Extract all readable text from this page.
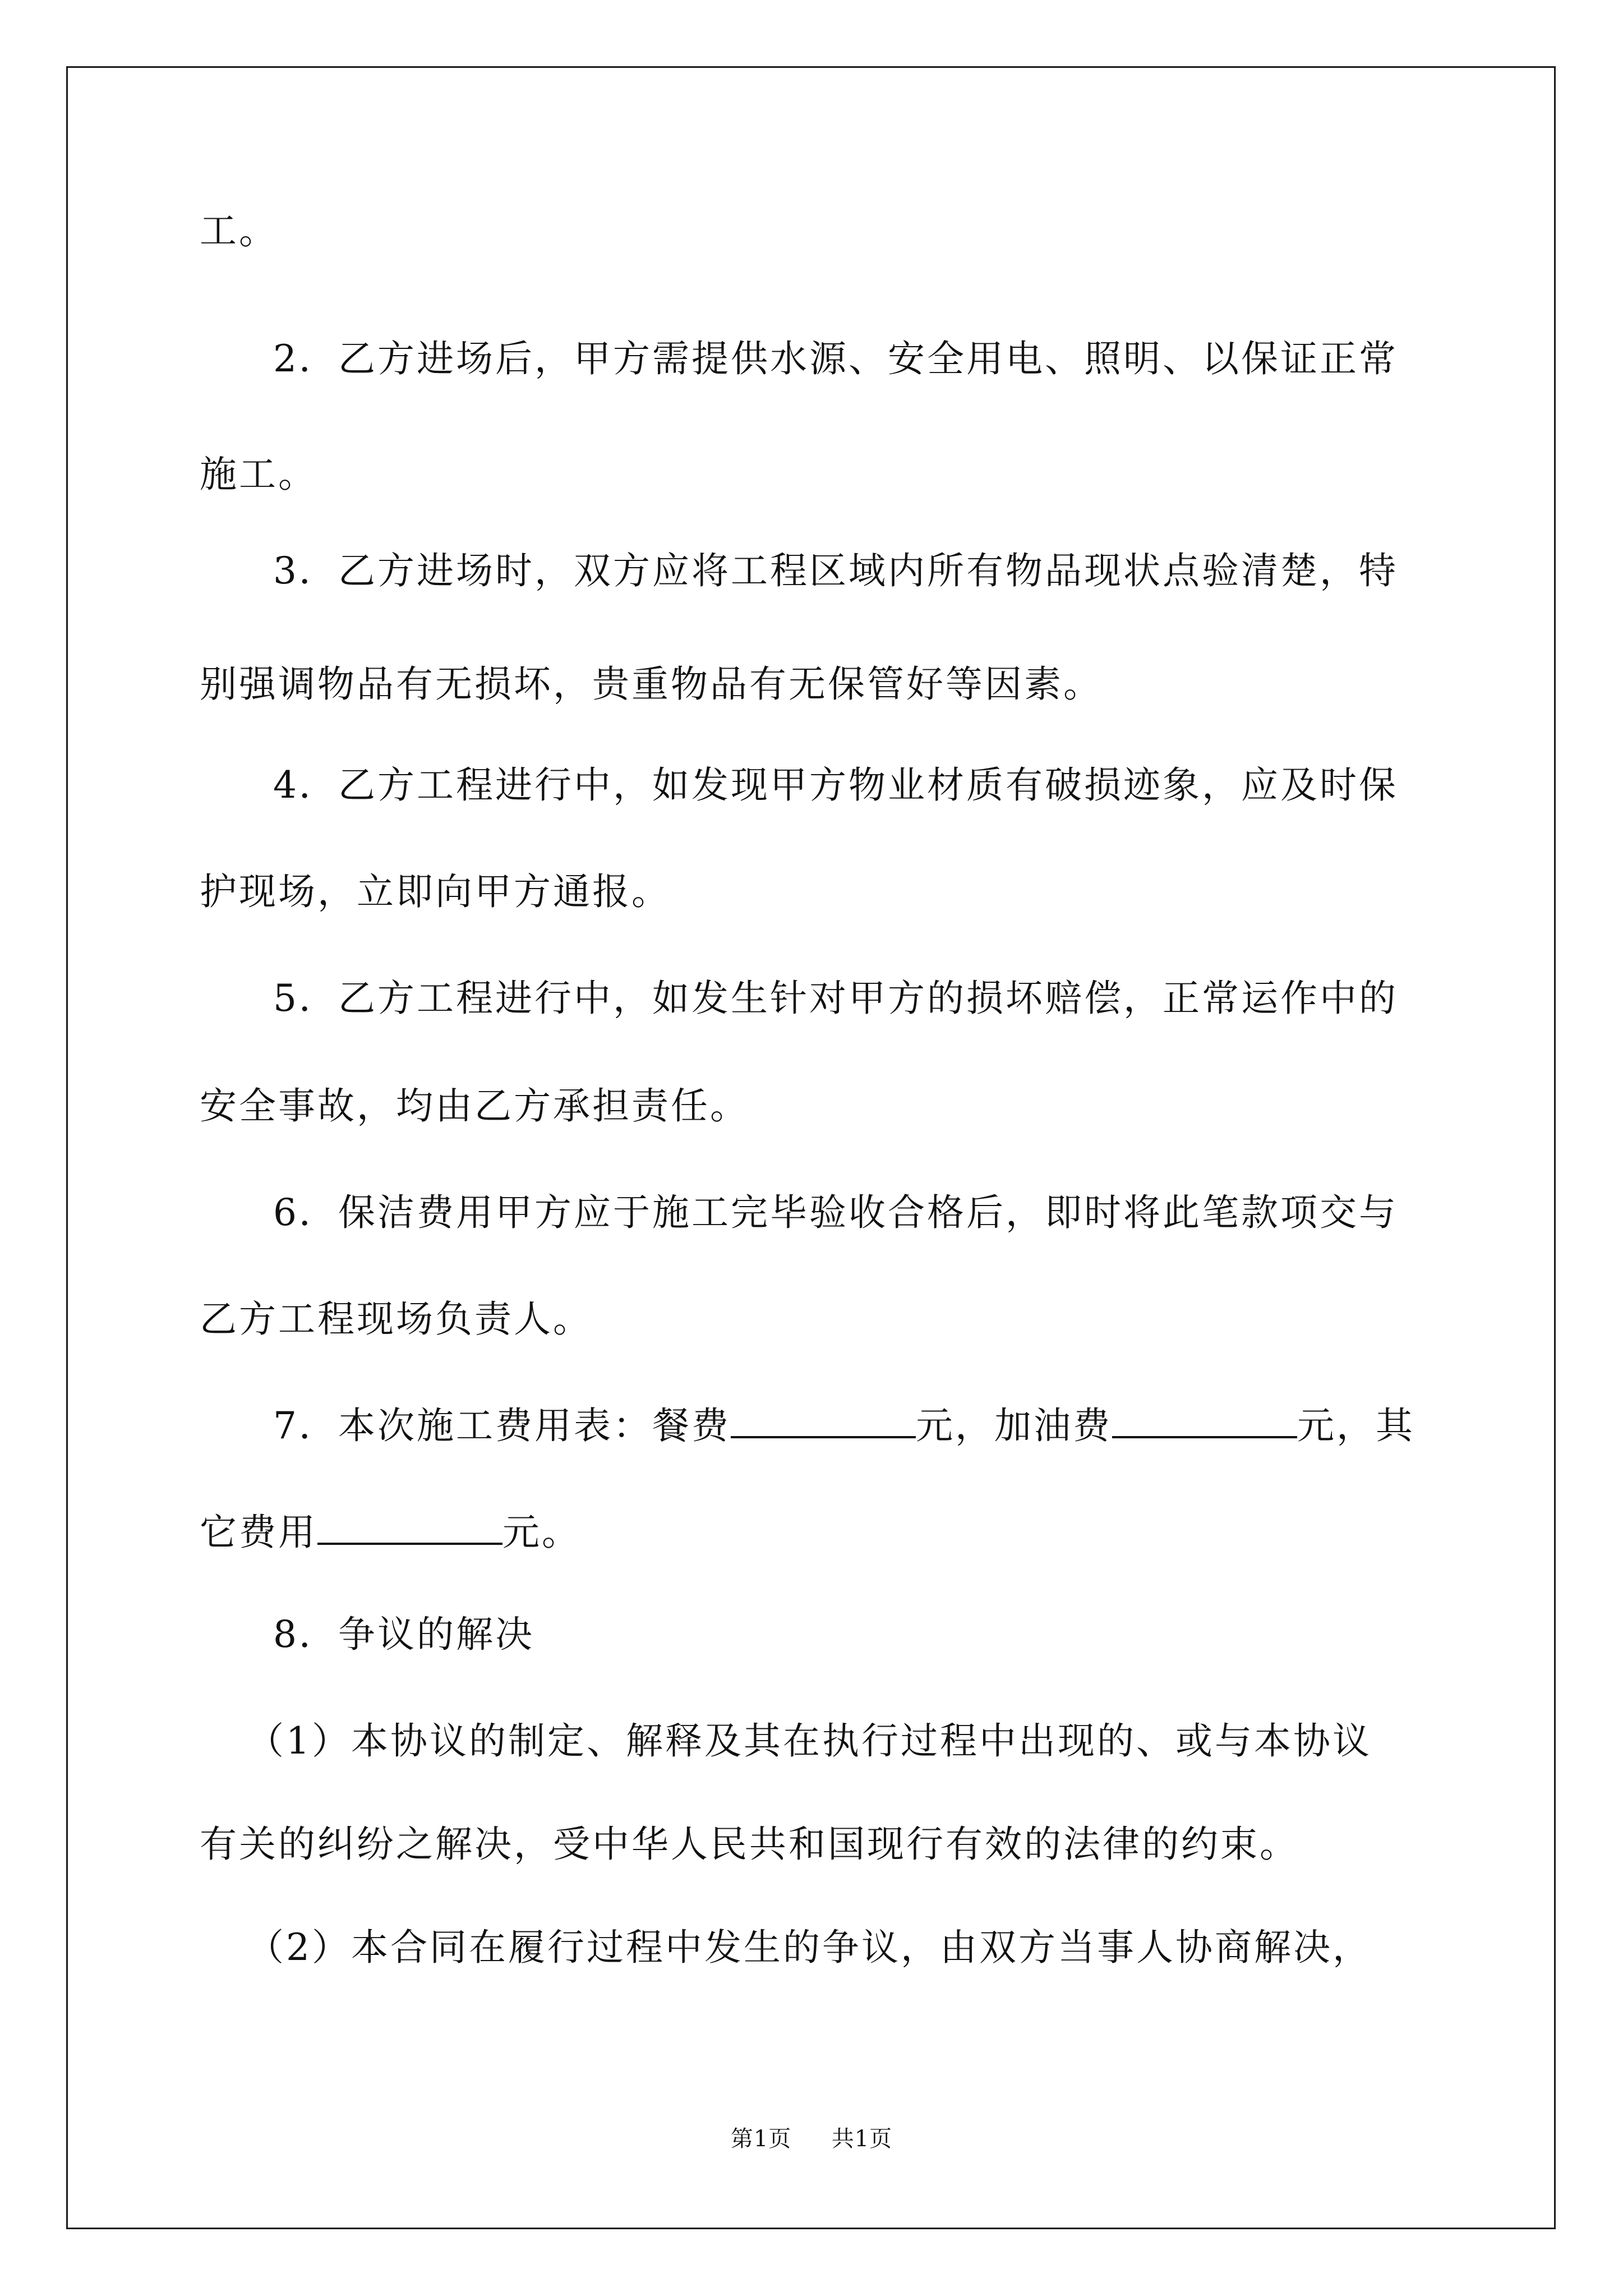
工。
2．乙方进场后，甲方需提供水源、安全用电、照明、以保证正常
施工。
3．乙方进场时，双方应将工程区域内所有物品现状点验清楚，特
别强调物品有无损坏，贵重物品有无保管好等因素。
4．乙方工程进行中，如发现甲方物业材质有破损迹象，应及时保
护现场，立即向甲方通报。
5．乙方工程进行中，如发生针对甲方的损坏赔偿，正常运作中的
安全事故，均由乙方承担责任。
6．保洁费用甲方应于施工完毕验收合格后，即时将此笔款项交与
乙方工程现场负责人。
7．本次施工费用表：餐费	元，加油费	元，其
它费用	元。
8．争议的解决
（1）本协议的制定、解释及其在执行过程中出现的、或与本协议
有关的纠纷之解决，受中华人民共和国现行有效的法律的约束。
（2）本合同在履行过程中发生的争议，由双方当事人协商解决，
第1页 共1页
